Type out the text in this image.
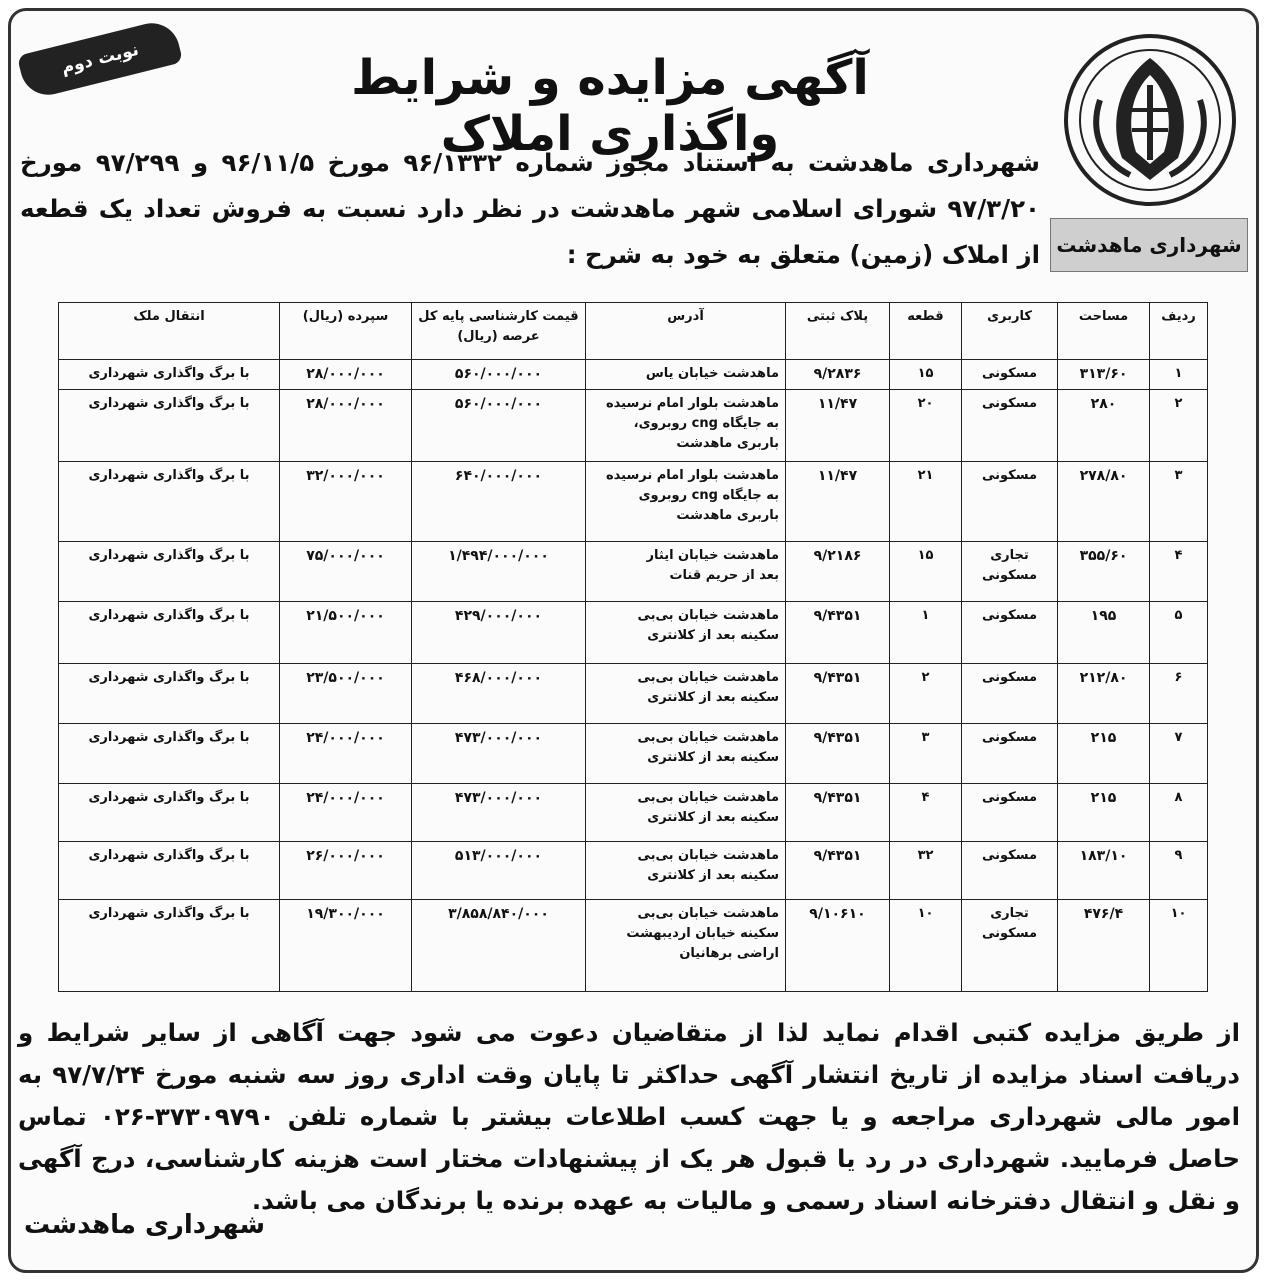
نوبت دوم	آگهی مزایده و شرایط واگذاری املاک
شهرداری ماهدشت

شهرداری ماهدشت به استناد مجوز شماره ۹۶/۱۳۳۲ مورخ ۹۶/۱۱/۵ و ۹۷/۲۹۹ مورخ ۹۷/۳/۲۰ شورای اسلامی شهر ماهدشت در نظر دارد نسبت به فروش تعداد یک قطعه از املاک (زمین) متعلق به خود به شرح :

ردیف	مساحت	کاربری	قطعه	پلاک ثبتی	آدرس	قیمت کارشناسی پایه کل عرصه (ریال)	سپرده (ریال)	انتقال ملک
۱	۳۱۳/۶۰	مسکونی	۱۵	۹/۲۸۳۶	ماهدشت خیابان یاس	۵۶۰/۰۰۰/۰۰۰	۲۸/۰۰۰/۰۰۰	با برگ واگذاری شهرداری
۲	۲۸۰	مسکونی	۲۰	۱۱/۴۷	ماهدشت بلوار امام نرسیده
به جایگاه cng روبروی،
باربری ماهدشت	۵۶۰/۰۰۰/۰۰۰	۲۸/۰۰۰/۰۰۰	با برگ واگذاری شهرداری
۳	۲۷۸/۸۰	مسکونی	۲۱	۱۱/۴۷	ماهدشت بلوار امام نرسیده
به جایگاه cng روبروی
باربری ماهدشت	۶۴۰/۰۰۰/۰۰۰	۳۲/۰۰۰/۰۰۰	با برگ واگذاری شهرداری
۴	۳۵۵/۶۰	تجاری
مسکونی	۱۵	۹/۲۱۸۶	ماهدشت خیابان ایثار
بعد از حریم قنات	۱/۴۹۴/۰۰۰/۰۰۰	۷۵/۰۰۰/۰۰۰	با برگ واگذاری شهرداری
۵	۱۹۵	مسکونی	۱	۹/۴۳۵۱	ماهدشت خیابان بی‌بی
سکینه بعد از کلانتری	۴۲۹/۰۰۰/۰۰۰	۲۱/۵۰۰/۰۰۰	با برگ واگذاری شهرداری
۶	۲۱۲/۸۰	مسکونی	۲	۹/۴۳۵۱	ماهدشت خیابان بی‌بی
سکینه بعد از کلانتری	۴۶۸/۰۰۰/۰۰۰	۲۳/۵۰۰/۰۰۰	با برگ واگذاری شهرداری
۷	۲۱۵	مسکونی	۳	۹/۴۳۵۱	ماهدشت خیابان بی‌بی
سکینه بعد از کلانتری	۴۷۳/۰۰۰/۰۰۰	۲۴/۰۰۰/۰۰۰	با برگ واگذاری شهرداری
۸	۲۱۵	مسکونی	۴	۹/۴۳۵۱	ماهدشت خیابان بی‌بی
سکینه بعد از کلانتری	۴۷۳/۰۰۰/۰۰۰	۲۴/۰۰۰/۰۰۰	با برگ واگذاری شهرداری
۹	۱۸۳/۱۰	مسکونی	۳۲	۹/۴۳۵۱	ماهدشت خیابان بی‌بی
سکینه بعد از کلانتری	۵۱۳/۰۰۰/۰۰۰	۲۶/۰۰۰/۰۰۰	با برگ واگذاری شهرداری
۱۰	۴۷۶/۴	تجاری
مسکونی	۱۰	۹/۱۰۶۱۰	ماهدشت خیابان بی‌بی
سکینه خیابان اردیبهشت
اراضی برهانیان	۳/۸۵۸/۸۴۰/۰۰۰	۱۹/۳۰۰/۰۰۰	با برگ واگذاری شهرداری

از طریق مزایده کتبی اقدام نماید لذا از متقاضیان دعوت می شود جهت آگاهی از سایر شرایط و دریافت اسناد مزایده از تاریخ انتشار آگهی حداکثر تا پایان وقت اداری روز سه شنبه مورخ ۹۷/۷/۲۴ به امور مالی شهرداری مراجعه و یا جهت کسب اطلاعات بیشتر با شماره تلفن ۳۷۳۰۹۷۹۰-۰۲۶ تماس حاصل فرمایید. شهرداری در رد یا قبول هر یک از پیشنهادات مختار است هزینه کارشناسی، درج آگهی و نقل و انتقال دفترخانه اسناد رسمی و مالیات به عهده برنده یا برندگان می باشد.

شهرداری ماهدشت
